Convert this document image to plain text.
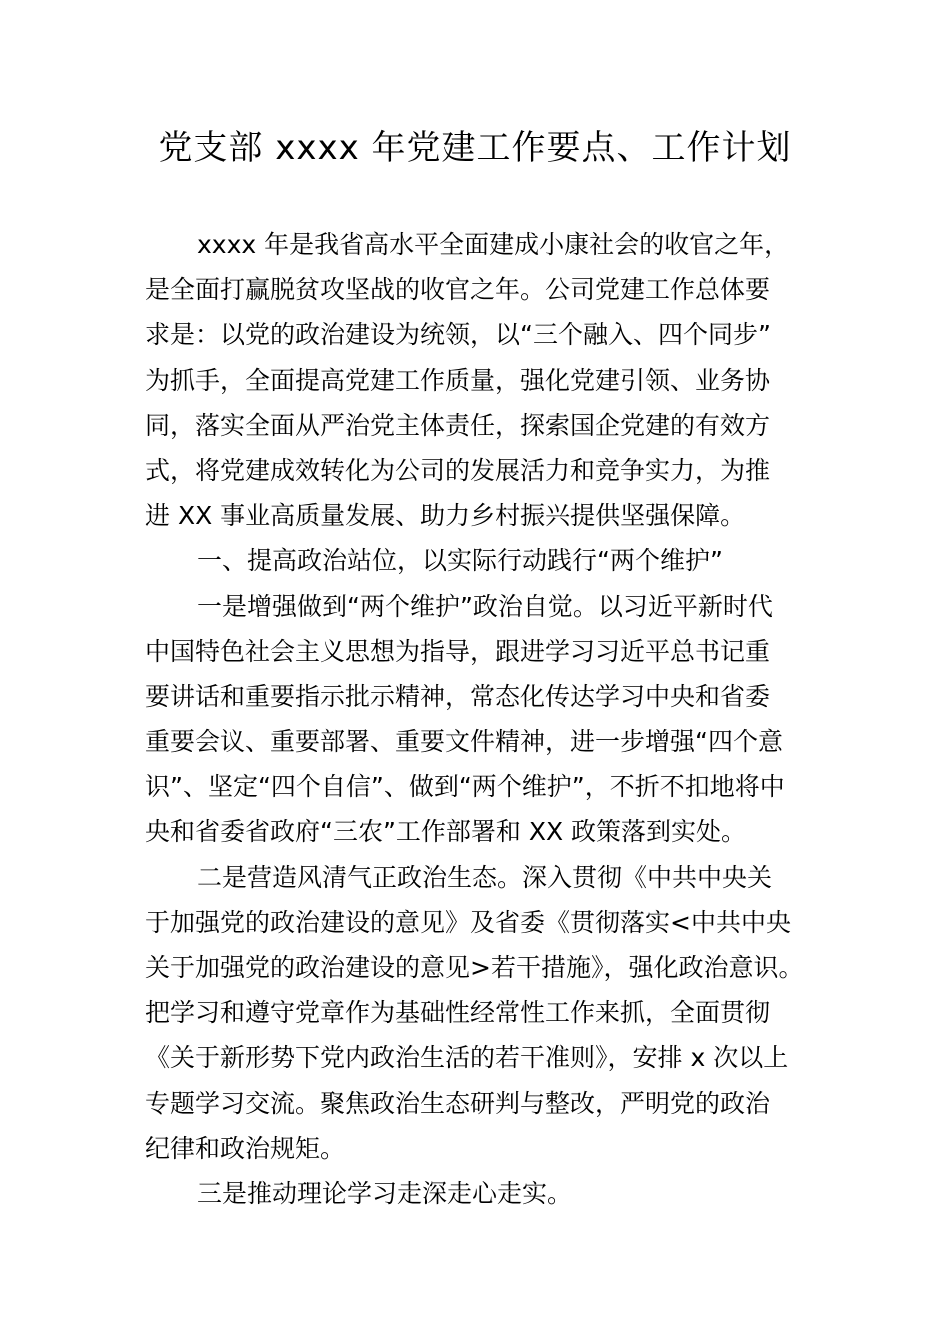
党支部 xxxx 年党建工作要点、工作计划
xxxx 年是我省高水平全面建成小康社会的收官之年，
是全面打赢脱贫攻坚战的收官之年。公司党建工作总体要
求是：以党的政治建设为统领，以“三个融入、四个同步”
为抓手，全面提高党建工作质量，强化党建引领、业务协
同，落实全面从严治党主体责任，探索国企党建的有效方
式，将党建成效转化为公司的发展活力和竞争实力，为推
进 XX 事业高质量发展、助力乡村振兴提供坚强保障。
一、提高政治站位，以实际行动践行“两个维护”
一是增强做到“两个维护”政治自觉。以习近平新时代
中国特色社会主义思想为指导，跟进学习习近平总书记重
要讲话和重要指示批示精神，常态化传达学习中央和省委
重要会议、重要部署、重要文件精神，进一步增强“四个意
识”、坚定“四个自信”、做到“两个维护”，不折不扣地将中
央和省委省政府“三农”工作部署和 XX 政策落到实处。
二是营造风清气正政治生态。深入贯彻《中共中央关
于加强党的政治建设的意见》及省委《贯彻落实<中共中央
关于加强党的政治建设的意见>若干措施》，强化政治意识。
把学习和遵守党章作为基础性经常性工作来抓，全面贯彻
《关于新形势下党内政治生活的若干准则》，安排 x 次以上
专题学习交流。聚焦政治生态研判与整改，严明党的政治
纪律和政治规矩。
三是推动理论学习走深走心走实。
